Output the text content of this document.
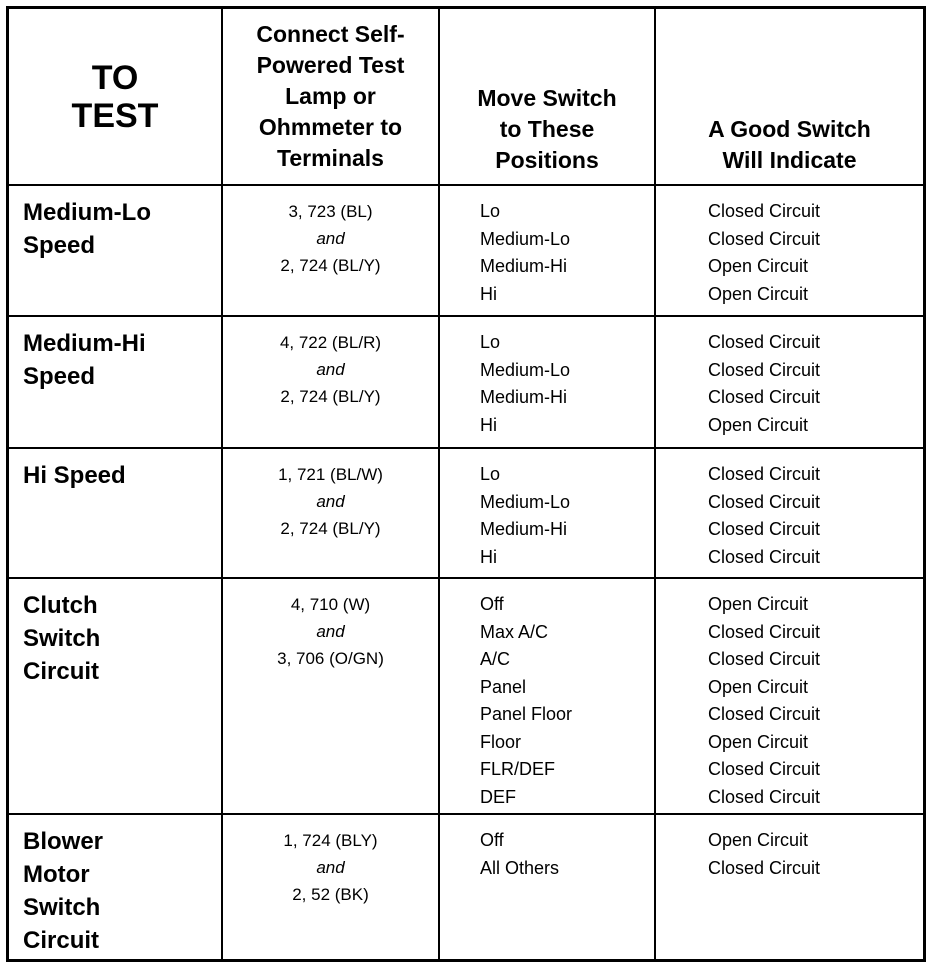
TO
TEST
Connect Self-
Powered Test
Lamp or
Ohmmeter to
Terminals
Move Switch
to These
Positions
A Good Switch
Will Indicate
Medium-Lo
Speed
3, 723 (BL)
and
2, 724 (BL/Y)
Lo
Medium-Lo
Medium-Hi
Hi
Closed Circuit
Closed Circuit
Open Circuit
Open Circuit
Medium-Hi
Speed
4, 722 (BL/R)
and
2, 724 (BL/Y)
Lo
Medium-Lo
Medium-Hi
Hi
Closed Circuit
Closed Circuit
Closed Circuit
Open Circuit
Hi Speed	1, 721 (BL/W)
and
2, 724 (BL/Y)
Lo
Medium-Lo
Medium-Hi
Hi
Closed Circuit
Closed Circuit
Closed Circuit
Closed Circuit
Clutch
Switch
Circuit
4, 710 (W)
and
3, 706 (O/GN)
Off
Max A/C
A/C
Panel
Panel Floor
Floor
FLR/DEF
DEF
Open Circuit
Closed Circuit
Closed Circuit
Open Circuit
Closed Circuit
Open Circuit
Closed Circuit
Closed Circuit
Blower
Motor
Switch
Circuit
1, 724 (BLY)
and
2, 52 (BK)
Off
All Others
Open Circuit
Closed Circuit
